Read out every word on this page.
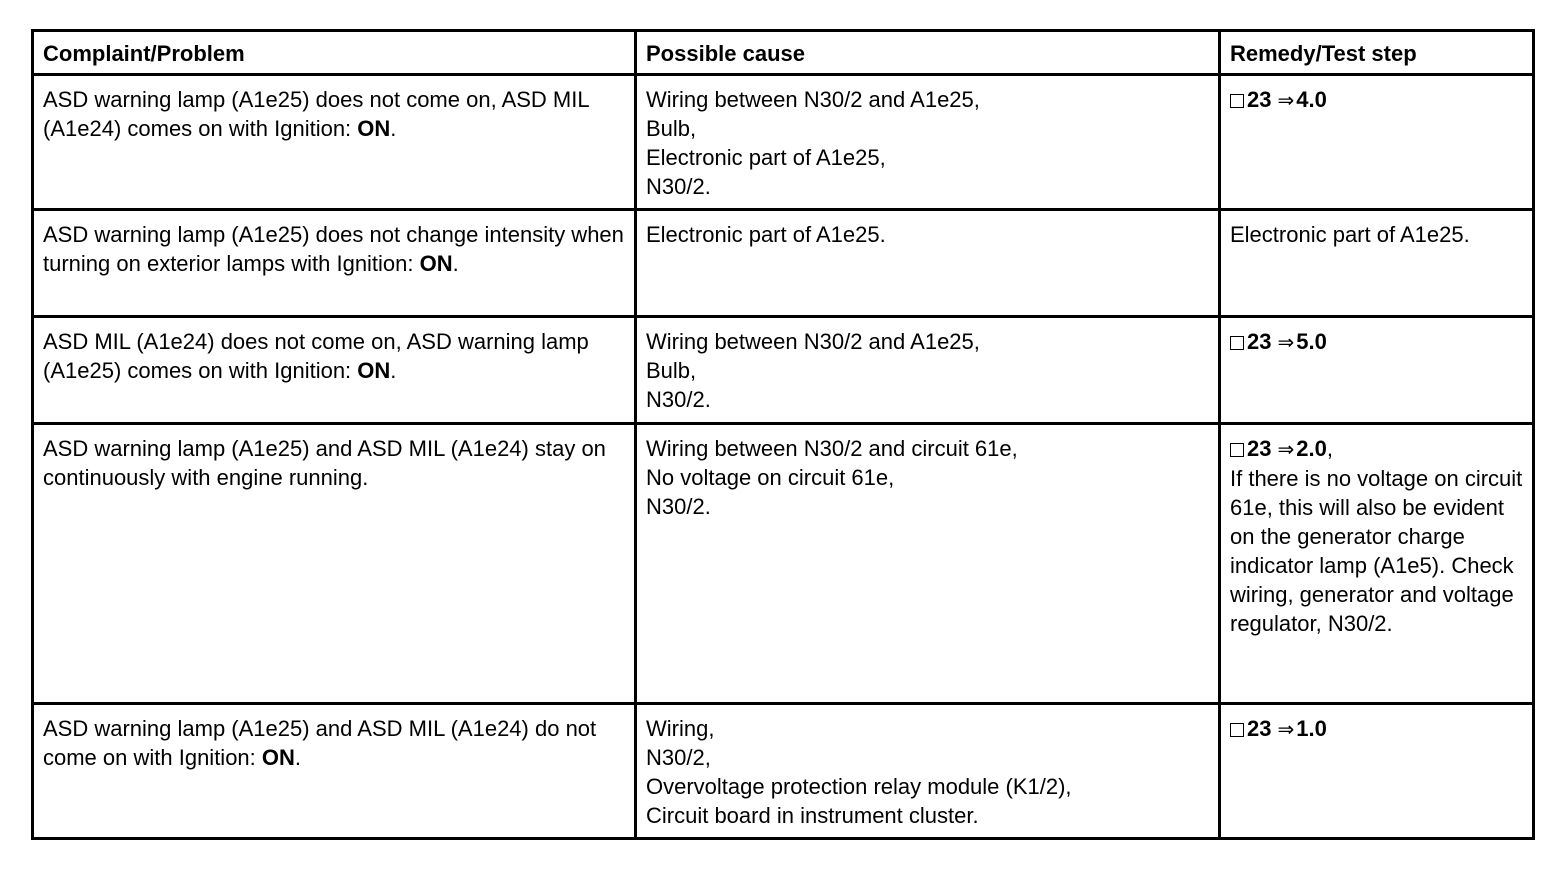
Complaint/Problem	Possible cause	Remedy/Test step
ASD warning lamp (A1e25) does not come on, ASD MIL (A1e24) comes on with Ignition: ON.	Wiring between N30/2 and A1e25,
Bulb,
Electronic part of A1e25,
N30/2.	23 ⇒4.0
ASD warning lamp (A1e25) does not change intensity when turning on exterior lamps with Ignition: ON.	Electronic part of A1e25.	Electronic part of A1e25.

ASD MIL (A1e24) does not come on, ASD warning lamp (A1e25) comes on with Ignition: ON.	Wiring between N30/2 and A1e25,
Bulb,
N30/2.	23 ⇒5.0
ASD warning lamp (A1e25) and ASD MIL (A1e24) stay on continuously with engine running.	Wiring between N30/2 and circuit 61e,
No voltage on circuit 61e,
N30/2.	23 ⇒2.0,
If there is no voltage on circuit 61e, this will also be evident on the generator charge indicator lamp (A1e5). Check wiring, generator and voltage regulator, N30/2.

ASD warning lamp (A1e25) and ASD MIL (A1e24) do not come on with Ignition: ON.	Wiring,
N30/2,
Overvoltage protection relay module (K1/2),
Circuit board in instrument cluster.	23 ⇒1.0
